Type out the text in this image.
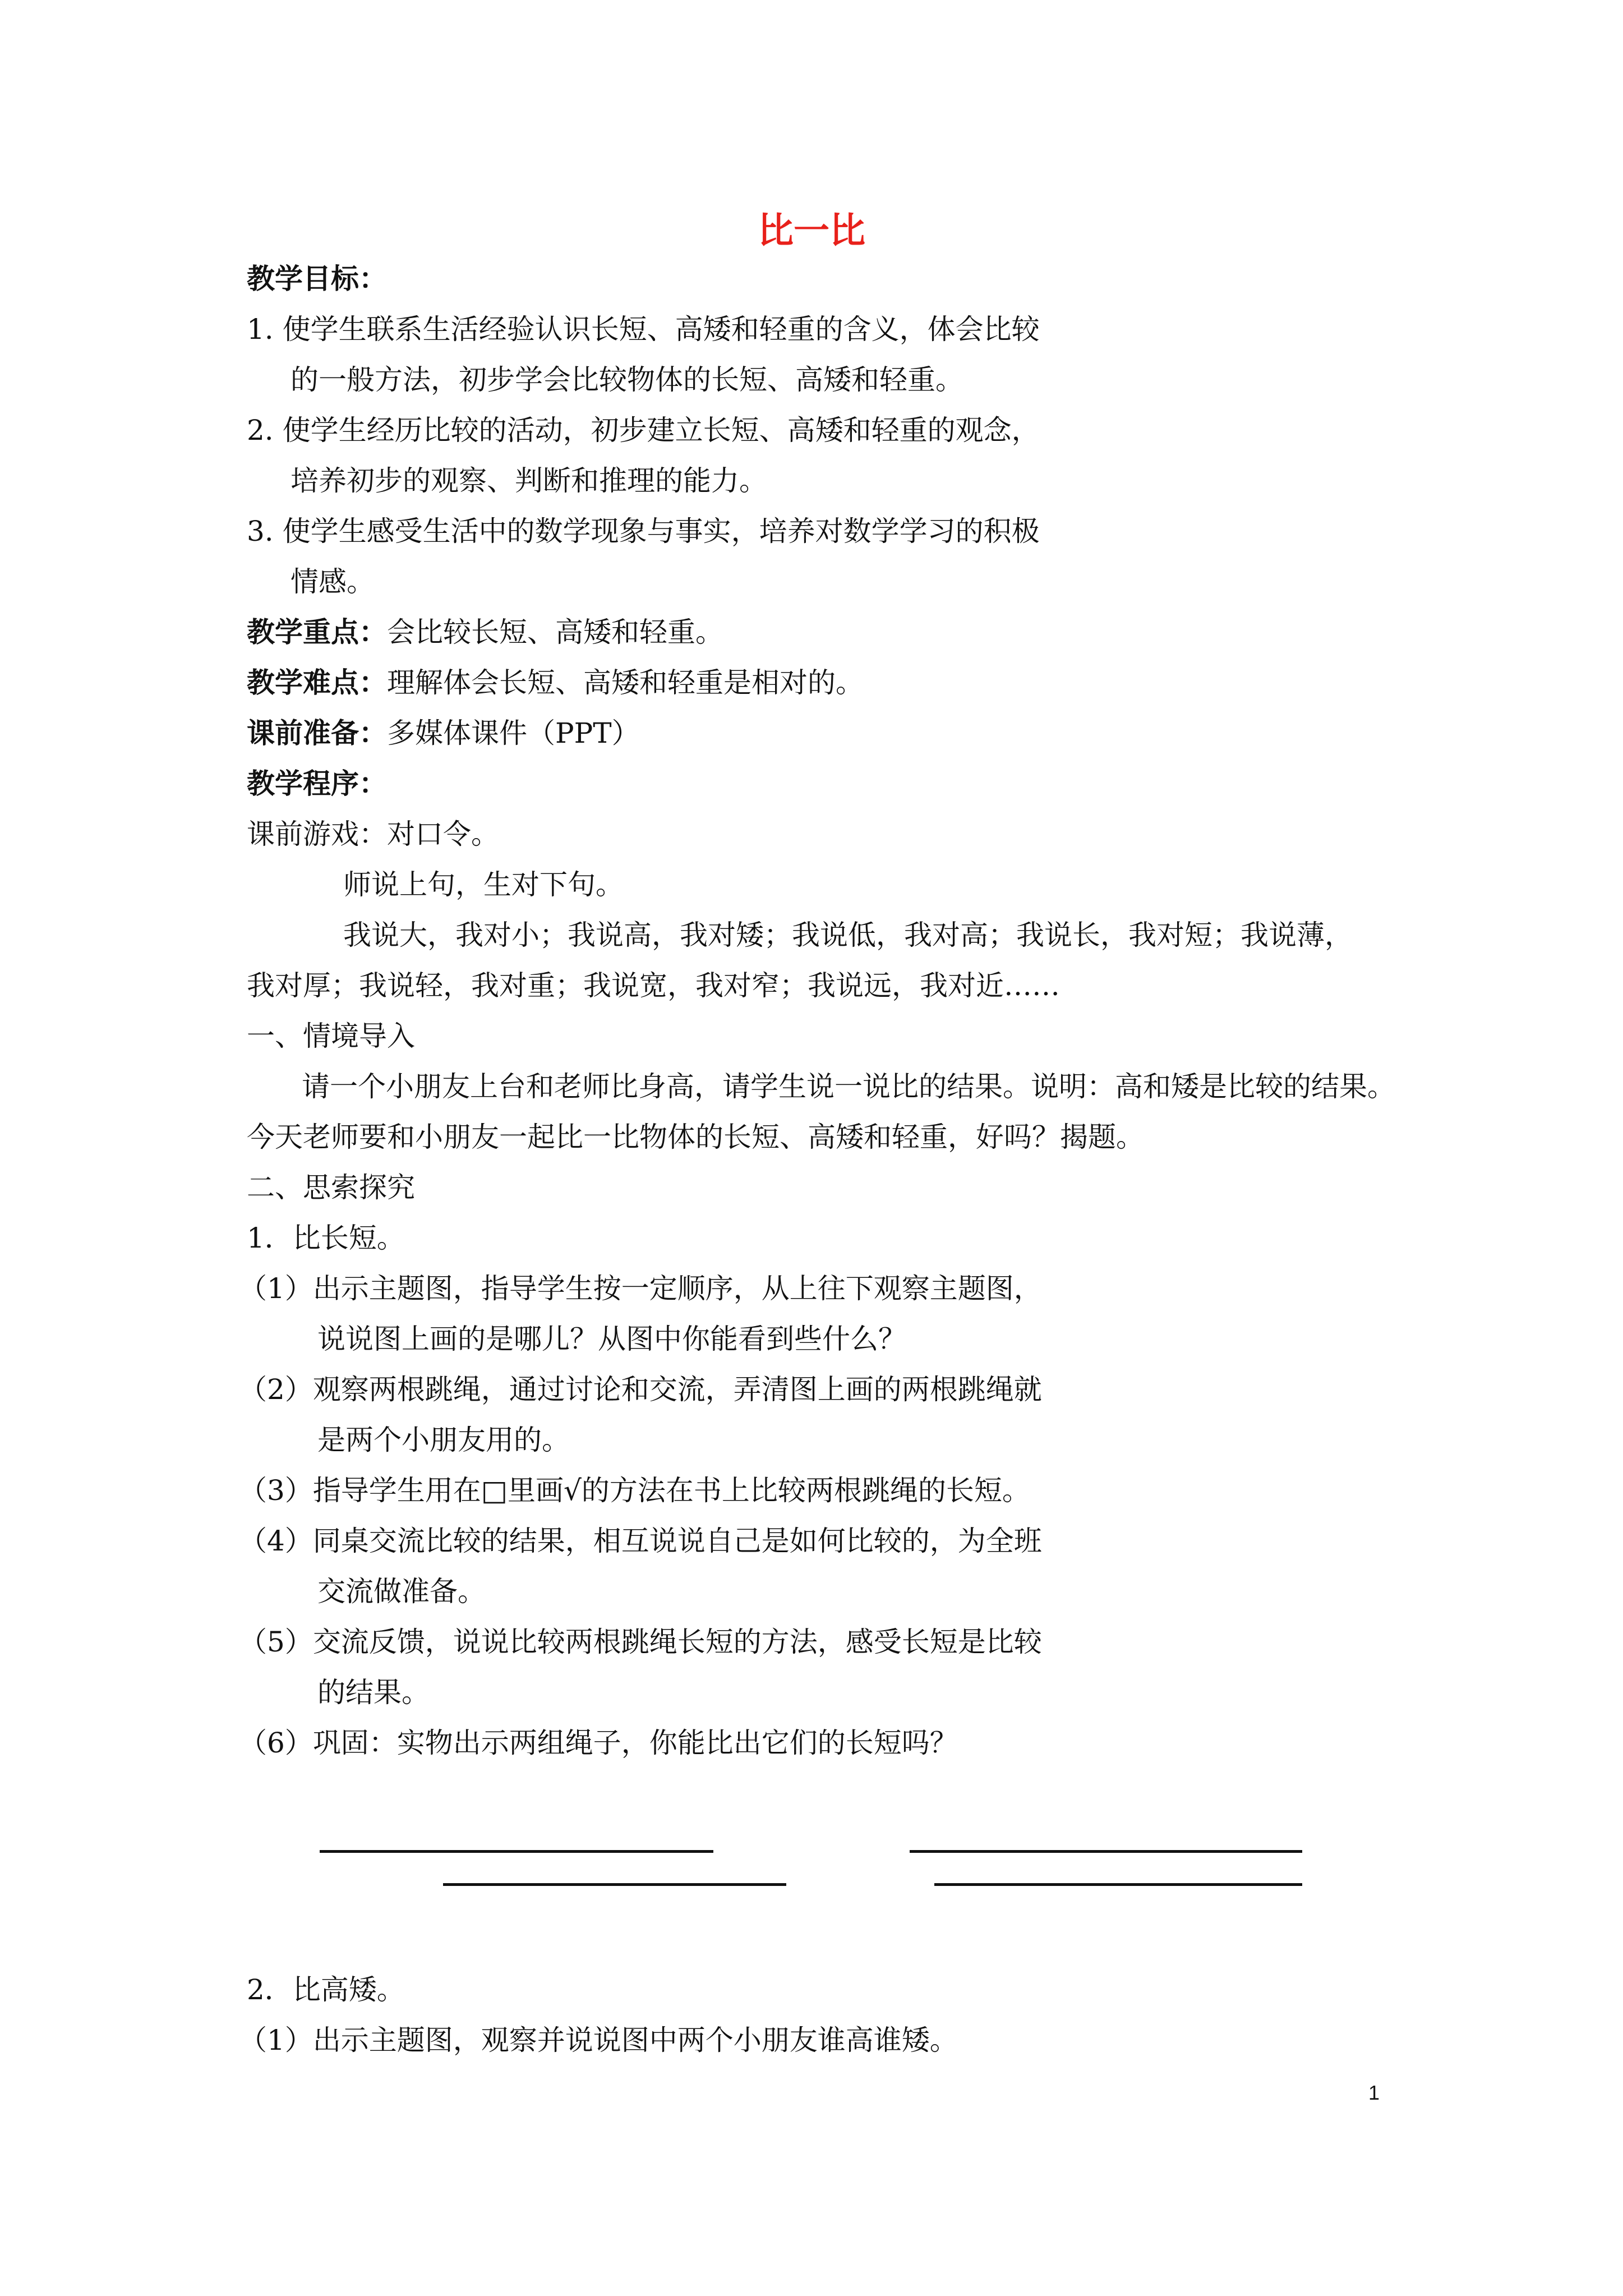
比一比
教学目标：
1. 使学生联系生活经验认识长短、高矮和轻重的含义，体会比较
的一般方法，初步学会比较物体的长短、高矮和轻重。
2. 使学生经历比较的活动，初步建立长短、高矮和轻重的观念，
培养初步的观察、判断和推理的能力。
3. 使学生感受生活中的数学现象与事实，培养对数学学习的积极
情感。
教学重点：会比较长短、高矮和轻重。
教学难点：理解体会长短、高矮和轻重是相对的。
课前准备：多媒体课件（PPT）
教学程序：
课前游戏：对口令。
师说上句，生对下句。
我说大，我对小；我说高，我对矮；我说低，我对高；我说长，我对短；我说薄，
我对厚；我说轻，我对重；我说宽，我对窄；我说远，我对近……
一、情境导入
请一个小朋友上台和老师比身高，请学生说一说比的结果。说明：高和矮是比较的结果。
今天老师要和小朋友一起比一比物体的长短、高矮和轻重，好吗？揭题。
二、思索探究
1．比长短。
（1）出示主题图，指导学生按一定顺序，从上往下观察主题图，
说说图上画的是哪儿？从图中你能看到些什么？
（2）观察两根跳绳，通过讨论和交流，弄清图上画的两根跳绳就
是两个小朋友用的。
（3）指导学生用在□里画√的方法在书上比较两根跳绳的长短。
（4）同桌交流比较的结果，相互说说自己是如何比较的，为全班
交流做准备。
（5）交流反馈，说说比较两根跳绳长短的方法，感受长短是比较
的结果。
（6）巩固：实物出示两组绳子，你能比出它们的长短吗？
2．比高矮。
（1）出示主题图，观察并说说图中两个小朋友谁高谁矮。
1
